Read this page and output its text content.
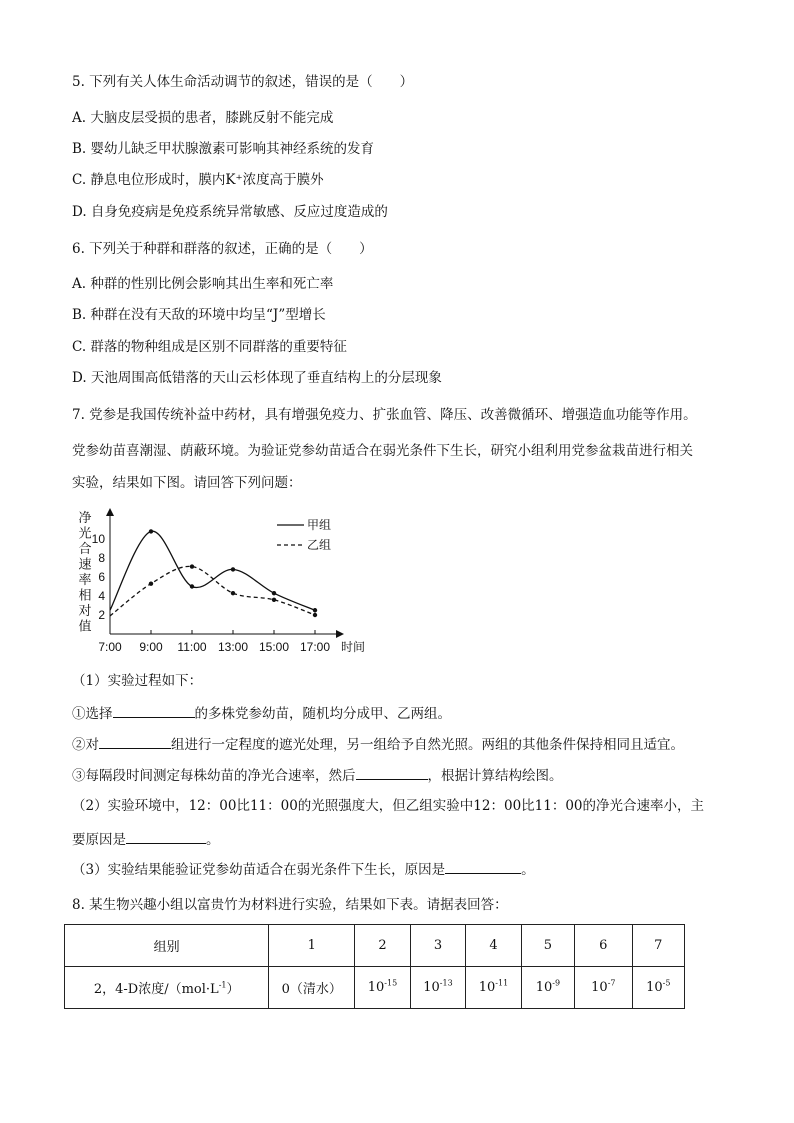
5. 下列有关人体生命活动调节的叙述，错误的是（　　）
A. 大脑皮层受损的患者，膝跳反射不能完成
B. 婴幼儿缺乏甲状腺激素可影响其神经系统的发育
C. 静息电位形成时，膜内K⁺浓度高于膜外
D. 自身免疫病是免疫系统异常敏感、反应过度造成的
6. 下列关于种群和群落的叙述，正确的是（　　）
A. 种群的性别比例会影响其出生率和死亡率
B. 种群在没有天敌的环境中均呈“J”型增长
C. 群落的物种组成是区别不同群落的重要特征
D. 天池周围高低错落的天山云杉体现了垂直结构上的分层现象
7. 党参是我国传统补益中药材，具有增强免疫力、扩张血管、降压、改善微循环、增强造血功能等作用。
党参幼苗喜潮湿、荫蔽环境。为验证党参幼苗适合在弱光条件下生长，研究小组利用党参盆栽苗进行相关
实验，结果如下图。请回答下列问题：
净
光
合
速
率
相
对
值
2
4
6
8
10
7:00 9:00 11:00 13:00 15:00 17:00 时间
甲组
乙组
（1）实验过程如下：
①选择	的多株党参幼苗，随机均分成甲、乙两组。
②对	组进行一定程度的遮光处理，另一组给予自然光照。两组的其他条件保持相同且适宜。
③每隔段时间测定每株幼苗的净光合速率，然后	，根据计算结构绘图。
（2）实验环境中，12：00比11：00的光照强度大，但乙组实验中12：00比11：00的净光合速率小，主
要原因是	。
（3）实验结果能验证党参幼苗适合在弱光条件下生长，原因是	。
8. 某生物兴趣小组以富贵竹为材料进行实验，结果如下表。请据表回答：
组别	1	2	3	4	5	6	7
2，4-D浓度$/(mol\cdot L^{-1})$	0（清水）	$10^{-15}$	$10^{-13}$	$10^{-11}$	$10^{-9}$	$10^{-7}$	$10^{-5}$
